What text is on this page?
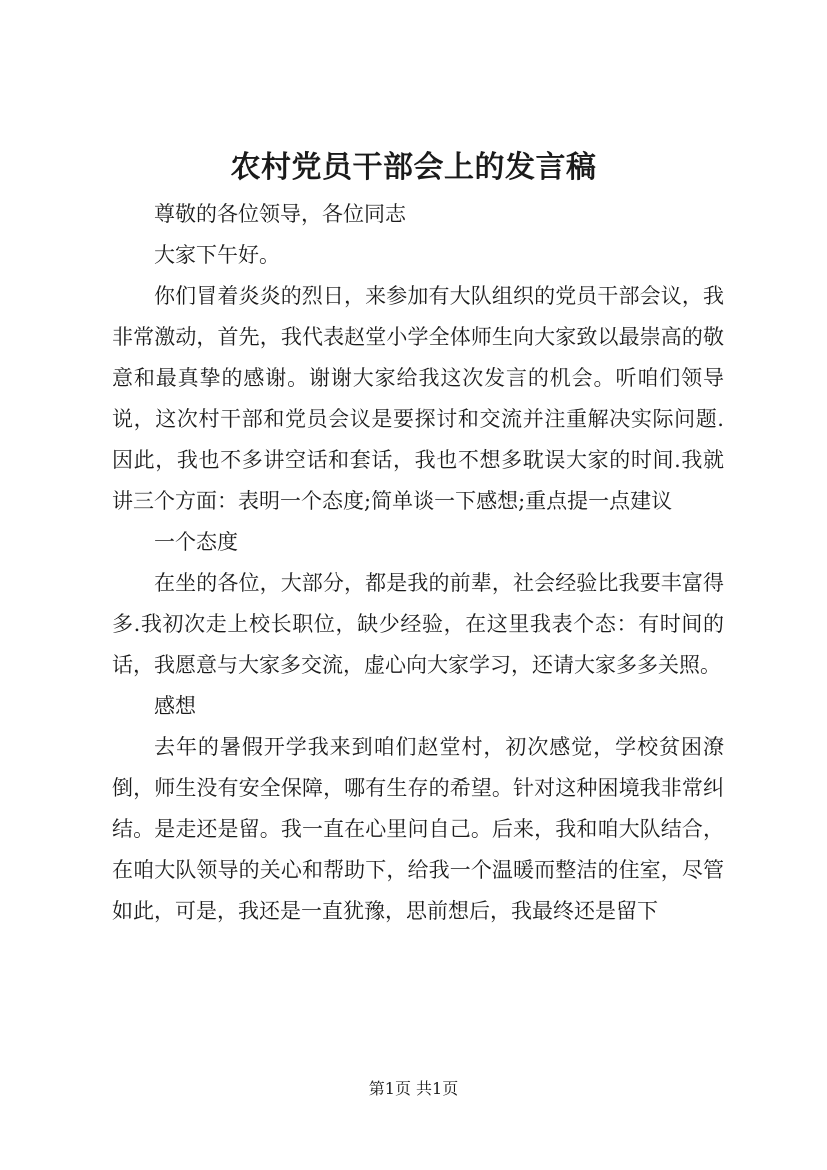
农村党员干部会上的发言稿

尊敬的各位领导，各位同志

大家下午好。

你们冒着炎炎的烈日，来参加有大队组织的党员干部会议，我非常激动，首先，我代表赵堂小学全体师生向大家致以最崇高的敬意和最真挚的感谢。谢谢大家给我这次发言的机会。听咱们领导说，这次村干部和党员会议是要探讨和交流并注重解决实际问题.因此，我也不多讲空话和套话，我也不想多耽误大家的时间.我就讲三个方面：表明一个态度;简单谈一下感想;重点提一点建议

一个态度

在坐的各位，大部分，都是我的前辈，社会经验比我要丰富得多.我初次走上校长职位，缺少经验，在这里我表个态：有时间的话，我愿意与大家多交流，虚心向大家学习，还请大家多多关照。

感想

去年的暑假开学我来到咱们赵堂村，初次感觉，学校贫困潦倒，师生没有安全保障，哪有生存的希望。针对这种困境我非常纠结。是走还是留。我一直在心里问自己。后来，我和咱大队结合，在咱大队领导的关心和帮助下，给我一个温暖而整洁的住室，尽管如此，可是，我还是一直犹豫，思前想后，我最终还是留下

第1页 共1页
